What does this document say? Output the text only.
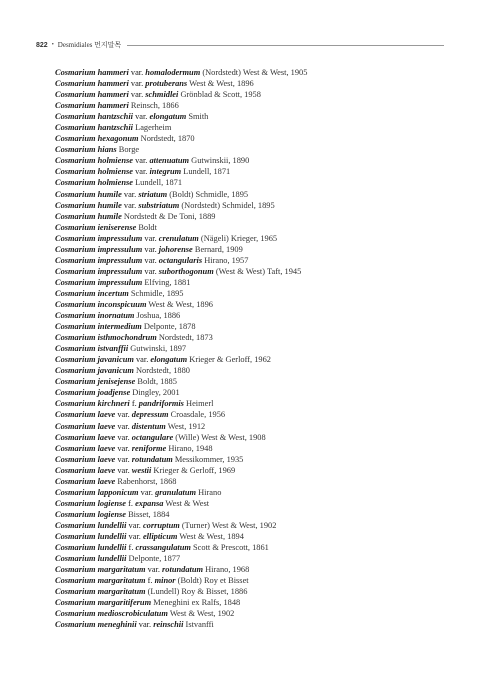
822 • Desmidiales 먼지말목
Cosmarium hammeri var. homalodermum (Nordstedt) West & West, 1905
Cosmarium hammeri var. protuberans West & West, 1896
Cosmarium hammeri var. schmidlei Grönblad & Scott, 1958
Cosmarium hammeri Reinsch, 1866
Cosmarium hantzschii var. elongatum Smith
Cosmarium hantzschii Lagerheim
Cosmarium hexagonum Nordstedt, 1870
Cosmarium hians Borge
Cosmarium holmiense var. attenuatum Gutwinskii, 1890
Cosmarium holmiense var. integrum Lundell, 1871
Cosmarium holmiense Lundell, 1871
Cosmarium humile var. striatum (Boldt) Schmidle, 1895
Cosmarium humile var. substriatum (Nordstedt) Schmidel, 1895
Cosmarium humile Nordstedt & De Toni, 1889
Cosmarium ieniserense Boldt
Cosmarium impressulum var. crenulatum (Nägeli) Krieger, 1965
Cosmarium impressulum var. johorense Bernard, 1909
Cosmarium impressulum var. octangularis Hirano, 1957
Cosmarium impressulum var. suborthogonum (West & West) Taft, 1945
Cosmarium impressulum Elfving, 1881
Cosmarium incertum Schmidle, 1895
Cosmarium inconspicuum West & West, 1896
Cosmarium inornatum Joshua, 1886
Cosmarium intermedium Delponte, 1878
Cosmarium isthmochondrum Nordstedt, 1873
Cosmarium istvanffii Gutwinski, 1897
Cosmarium javanicum var. elongatum Krieger & Gerloff, 1962
Cosmarium javanicum Nordstedt, 1880
Cosmarium jenisejense Boldt, 1885
Cosmarium joadjense Dingley, 2001
Cosmarium kirchneri f. pandriformis Heimerl
Cosmarium laeve var. depressum Croasdale, 1956
Cosmarium laeve var. distentum West, 1912
Cosmarium laeve var. octangulare (Wille) West & West, 1908
Cosmarium laeve var. reniforme Hirano, 1948
Cosmarium laeve var. rotundatum Messikommer, 1935
Cosmarium laeve var. westii Krieger & Gerloff, 1969
Cosmarium laeve Rabenhorst, 1868
Cosmarium lapponicum var. granulatum Hirano
Cosmarium logiense f. expansa West & West
Cosmarium logiense Bisset, 1884
Cosmarium lundellii var. corruptum (Turner) West & West, 1902
Cosmarium lundellii var. ellipticum West & West, 1894
Cosmarium lundellii f. crassangulatum Scott & Prescott, 1861
Cosmarium lundellii Delponte, 1877
Cosmarium margaritatum var. rotundatum Hirano, 1968
Cosmarium margaritatum f. minor (Boldt) Roy et Bisset
Cosmarium margaritatum (Lundell) Roy & Bisset, 1886
Cosmarium margaritiferum Meneghini ex Ralfs, 1848
Cosmarium medioscrobiculatum West & West, 1902
Cosmarium meneghinii var. reinschii Istvanffi
